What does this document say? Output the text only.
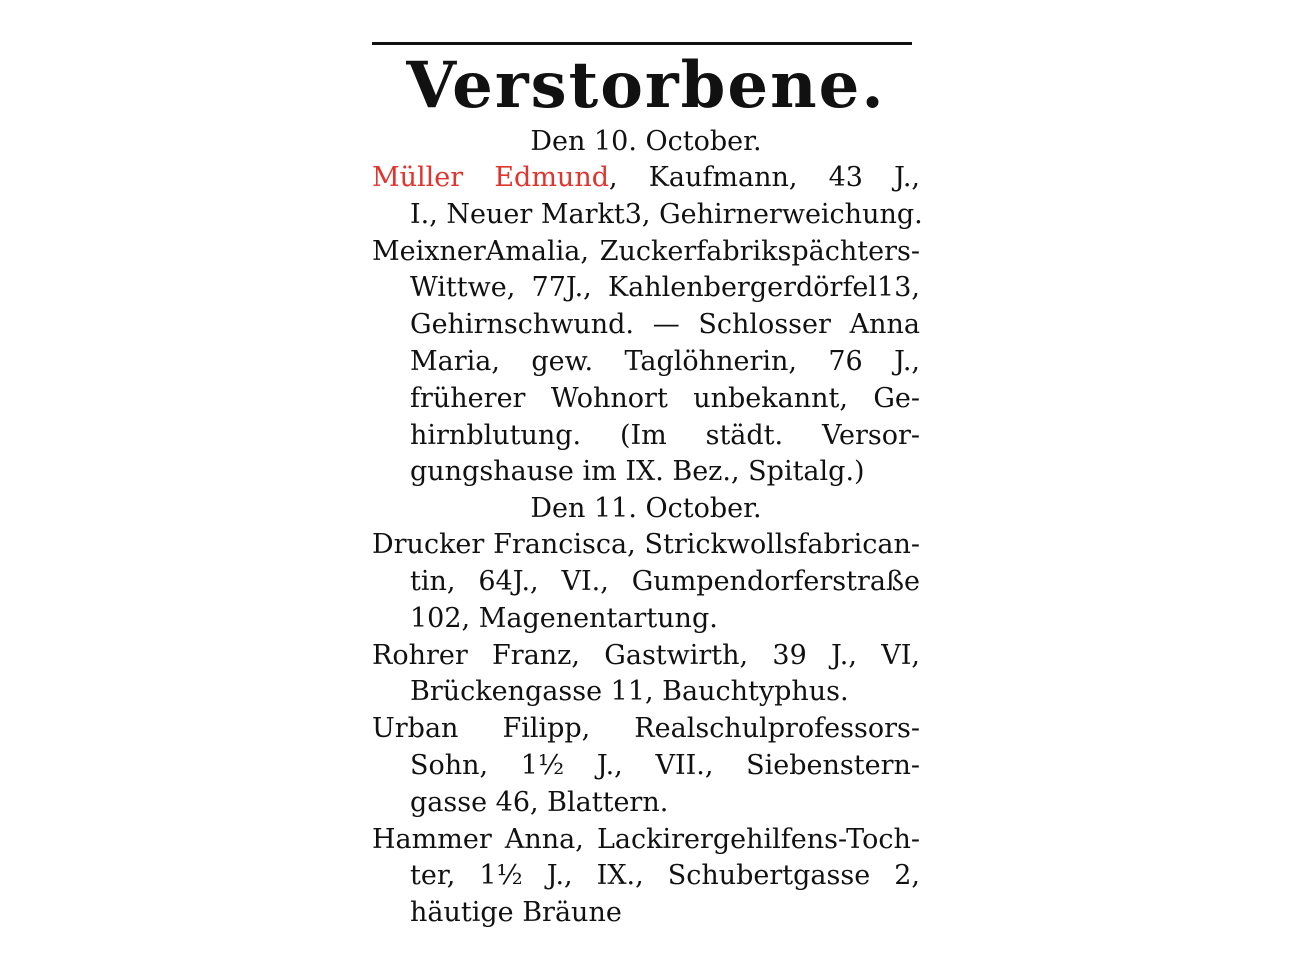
Verstorbene.
Den 10. October.
Müller Edmund, Kaufmann, 43 J.,
I., Neuer Markt3, Gehirnerweichung.
MeixnerAmalia, Zuckerfabrikspächters-
Wittwe, 77J., Kahlenbergerdörfel13,
Gehirnschwund. — Schlosser Anna
Maria, gew. Taglöhnerin, 76 J.,
früherer Wohnort unbekannt, Ge-
hirnblutung. (Im städt. Versor-
gungshause im IX. Bez., Spitalg.)
Den 11. October.
Drucker Francisca, Strickwollsfabrican-
tin, 64J., VI., Gumpendorferstraße
102, Magenentartung.
Rohrer Franz, Gastwirth, 39 J., VI,
Brückengasse 11, Bauchtyphus.
Urban Filipp, Realschulprofessors-
Sohn, 1½ J., VII., Siebenstern-
gasse 46, Blattern.
Hammer Anna, Lackirergehilfens-Toch-
ter, 1½ J., IX., Schubertgasse 2,
häutige Bräune
